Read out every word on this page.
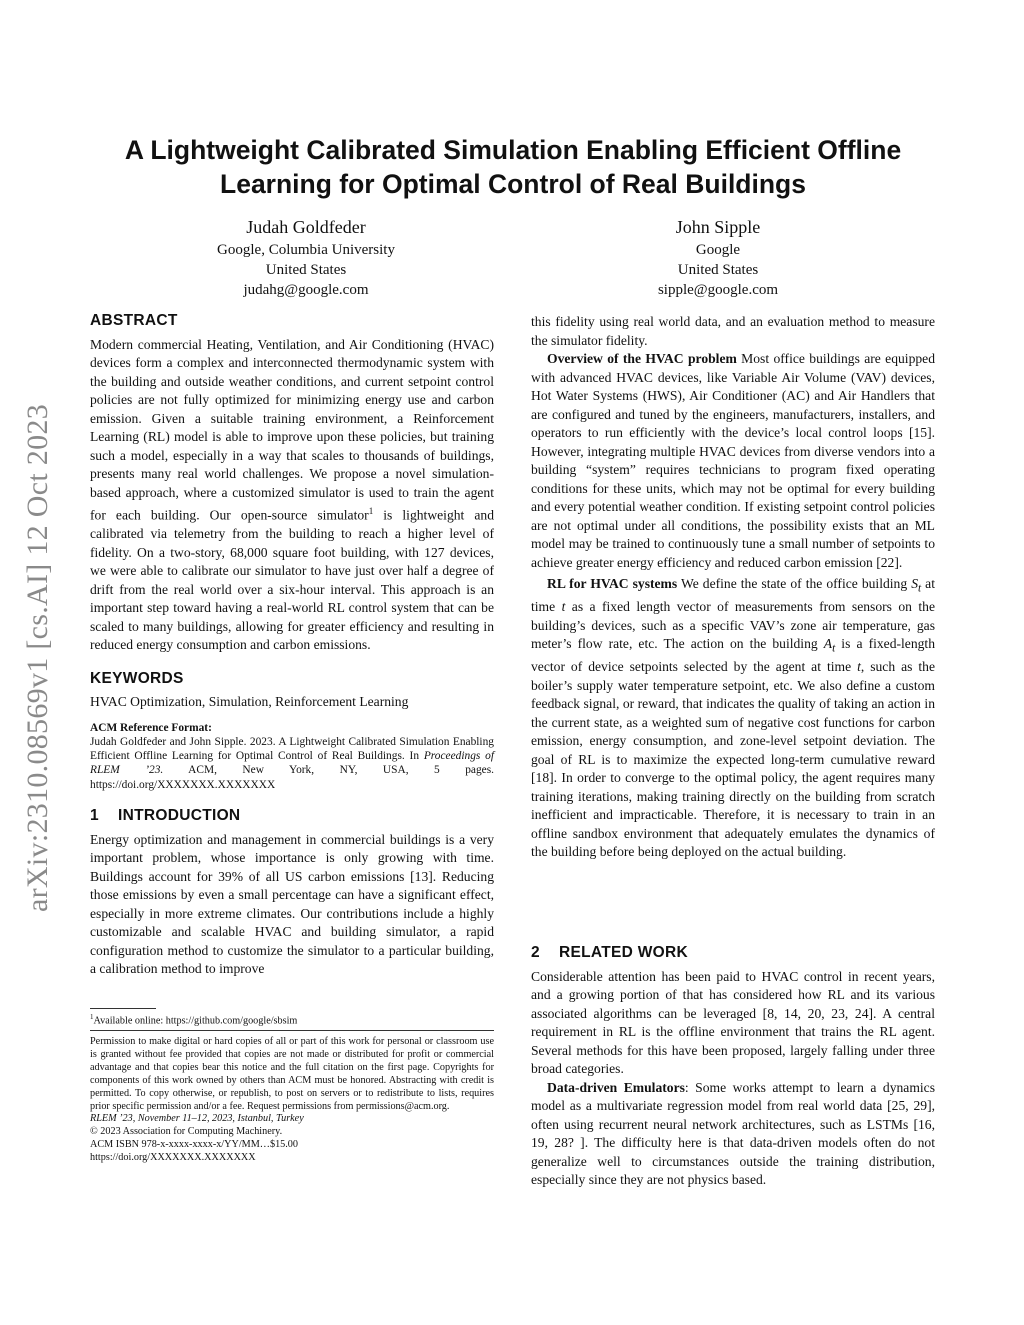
arXiv:2310.08569v1 [cs.AI] 12 Oct 2023
A Lightweight Calibrated Simulation Enabling Efficient Offline Learning for Optimal Control of Real Buildings
Judah Goldfeder
Google, Columbia University
United States
judahg@google.com
John Sipple
Google
United States
sipple@google.com
ABSTRACT

Modern commercial Heating, Ventilation, and Air Conditioning (HVAC) devices form a complex and interconnected thermodynamic system with the building and outside weather conditions, and current setpoint control policies are not fully optimized for minimizing energy use and carbon emission. Given a suitable training environment, a Reinforcement Learning (RL) model is able to improve upon these policies, but training such a model, especially in a way that scales to thousands of buildings, presents many real world challenges. We propose a novel simulation-based approach, where a customized simulator is used to train the agent for each building. Our open-source simulator$^1$ is lightweight and calibrated via telemetry from the building to reach a higher level of fidelity. On a two-story, 68,000 square foot building, with 127 devices, we were able to calibrate our simulator to have just over half a degree of drift from the real world over a six-hour interval. This approach is an important step toward having a real-world RL control system that can be scaled to many buildings, allowing for greater efficiency and resulting in reduced energy consumption and carbon emissions.

KEYWORDS

HVAC Optimization, Simulation, Reinforcement Learning

ACM Reference Format:

Judah Goldfeder and John Sipple. 2023. A Lightweight Calibrated Simulation Enabling Efficient Offline Learning for Optimal Control of Real Buildings. In Proceedings of RLEM ’23. ACM, New York, NY, USA, 5 pages. https://doi.org/XXXXXXX.XXXXXXX

1 INTRODUCTION

Energy optimization and management in commercial buildings is a very important problem, whose importance is only growing with time. Buildings account for 39% of all US carbon emissions [13]. Reducing those emissions by even a small percentage can have a significant effect, especially in more extreme climates. Our contributions include a highly customizable and scalable HVAC and building simulator, a rapid configuration method to customize the simulator to a particular building, a calibration method to improve

$^1$Available online: https://github.com/google/sbsim

Permission to make digital or hard copies of all or part of this work for personal or classroom use is granted without fee provided that copies are not made or distributed for profit or commercial advantage and that copies bear this notice and the full citation on the first page. Copyrights for components of this work owned by others than ACM must be honored. Abstracting with credit is permitted. To copy otherwise, or republish, to post on servers or to redistribute to lists, requires prior specific permission and/or a fee. Request permissions from permissions@acm.org.

RLEM ’23, November 11–12, 2023, Istanbul, Turkey

© 2023 Association for Computing Machinery.

ACM ISBN 978-x-xxxx-xxxx-x/YY/MM…$15.00

https://doi.org/XXXXXXX.XXXXXXX

this fidelity using real world data, and an evaluation method to measure the simulator fidelity.

Overview of the HVAC problem Most office buildings are equipped with advanced HVAC devices, like Variable Air Volume (VAV) devices, Hot Water Systems (HWS), Air Conditioner (AC) and Air Handlers that are configured and tuned by the engineers, manufacturers, installers, and operators to run efficiently with the device’s local control loops [15]. However, integrating multiple HVAC devices from diverse vendors into a building “system” requires technicians to program fixed operating conditions for these units, which may not be optimal for every building and every potential weather condition. If existing setpoint control policies are not optimal under all conditions, the possibility exists that an ML model may be trained to continuously tune a small number of setpoints to achieve greater energy efficiency and reduced carbon emission [22].

RL for HVAC systems We define the state of the office building $S_t$ at time t as a fixed length vector of measurements from sensors on the building’s devices, such as a specific VAV’s zone air temperature, gas meter’s flow rate, etc. The action on the building $A_t$ is a fixed-length vector of device setpoints selected by the agent at time t, such as the boiler’s supply water temperature setpoint, etc. We also define a custom feedback signal, or reward, that indicates the quality of taking an action in the current state, as a weighted sum of negative cost functions for carbon emission, energy consumption, and zone-level setpoint deviation. The goal of RL is to maximize the expected long-term cumulative reward [18]. In order to converge to the optimal policy, the agent requires many training iterations, making training directly on the building from scratch inefficient and impracticable. Therefore, it is necessary to train in an offline sandbox environment that adequately emulates the dynamics of the building before being deployed on the actual building.

2 RELATED WORK

Considerable attention has been paid to HVAC control in recent years, and a growing portion of that has considered how RL and its various associated algorithms can be leveraged [8, 14, 20, 23, 24]. A central requirement in RL is the offline environment that trains the RL agent. Several methods for this have been proposed, largely falling under three broad categories.

Data-driven Emulators: Some works attempt to learn a dynamics model as a multivariate regression model from real world data [25, 29], often using recurrent neural network architectures, such as LSTMs [16, 19, 28? ]. The difficulty here is that data-driven models often do not generalize well to circumstances outside the training distribution, especially since they are not physics based.
